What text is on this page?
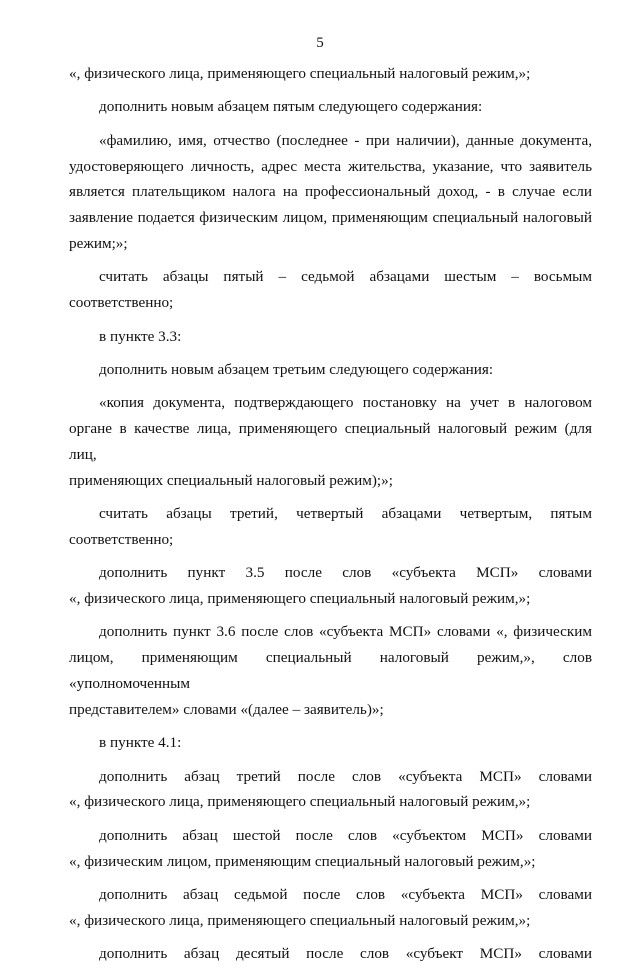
5
«, физического лица, применяющего специальный налоговый режим,»;
дополнить новым абзацем пятым следующего содержания:
«фамилию, имя, отчество (последнее - при наличии), данные документа,
удостоверяющего личность, адрес места жительства, указание, что заявитель
является плательщиком налога на профессиональный доход, - в случае если
заявление подается физическим лицом, применяющим специальный налоговый
режим;»;
считать абзацы пятый – седьмой абзацами шестым – восьмым
соответственно;
в пункте 3.3:
дополнить новым абзацем третьим следующего содержания:
«копия документа, подтверждающего постановку на учет в налоговом
органе в качестве лица, применяющего специальный налоговый режим (для лиц,
применяющих специальный налоговый режим);»;
считать абзацы третий, четвертый абзацами четвертым, пятым
соответственно;
дополнить пункт 3.5 после слов «субъекта МСП» словами
«, физического лица, применяющего специальный налоговый режим,»;
дополнить пункт 3.6 после слов «субъекта МСП» словами «, физическим
лицом, применяющим специальный налоговый режим,», слов «уполномоченным
представителем» словами «(далее – заявитель)»;
в пункте 4.1:
дополнить абзац третий после слов «субъекта МСП» словами
«, физического лица, применяющего специальный налоговый режим,»;
дополнить абзац шестой после слов «субъектом МСП» словами
«, физическим лицом, применяющим специальный налоговый режим,»;
дополнить абзац седьмой после слов «субъекта МСП» словами
«, физического лица, применяющего специальный налоговый режим,»;
дополнить абзац десятый после слов «субъект МСП» словами
